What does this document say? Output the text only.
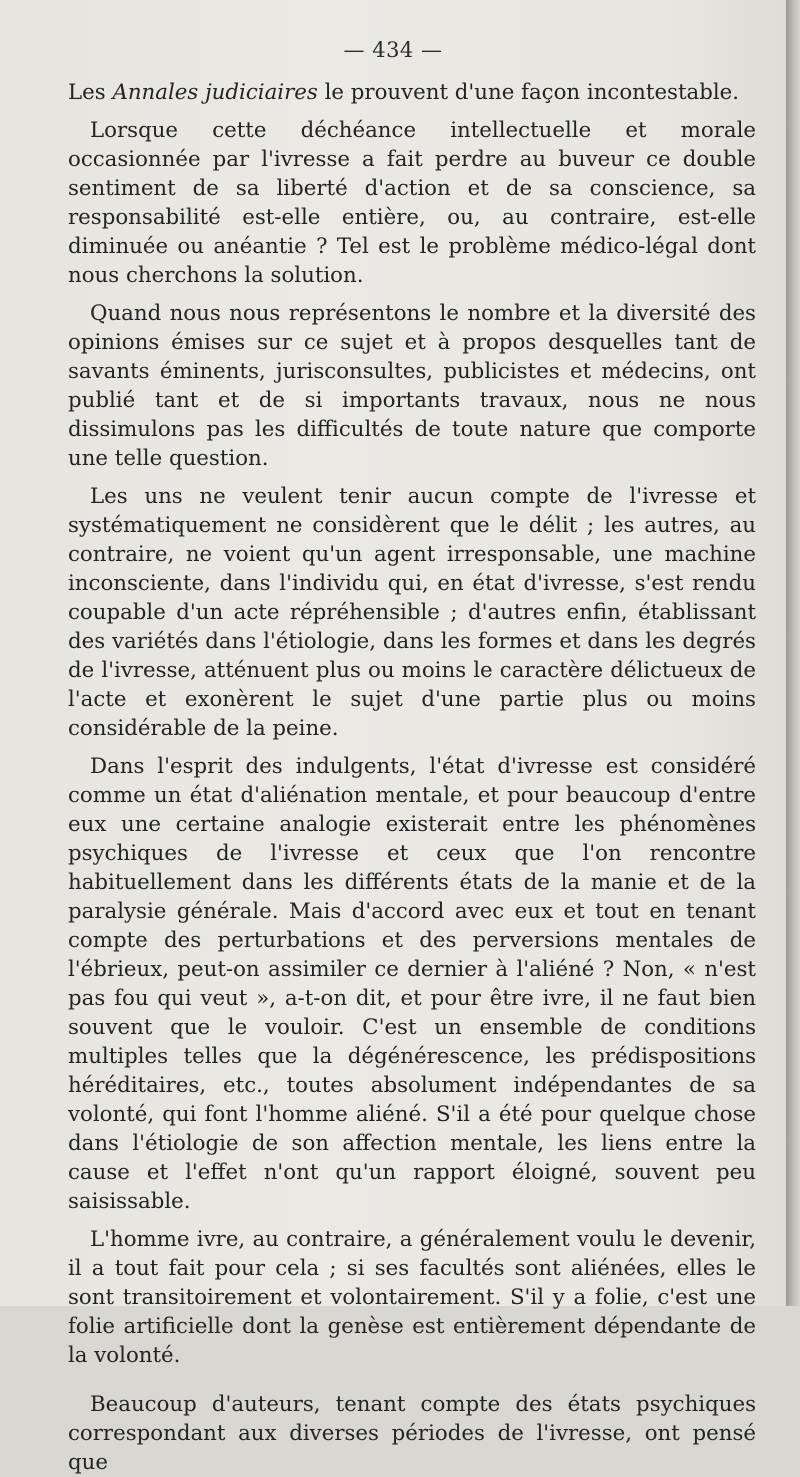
— 434 —

Les Annales judiciaires le prouvent d'une façon incontestable.

Lorsque cette déchéance intellectuelle et morale occasionnée par l'ivresse a fait perdre au buveur ce double sentiment de sa liberté d'action et de sa conscience, sa responsabilité est-elle entière, ou, au contraire, est-elle diminuée ou anéantie ? Tel est le problème médico-légal dont nous cherchons la solution.

Quand nous nous représentons le nombre et la diversité des opinions émises sur ce sujet et à propos desquelles tant de savants éminents, jurisconsultes, publicistes et médecins, ont publié tant et de si importants travaux, nous ne nous dissimulons pas les difficultés de toute nature que comporte une telle question.

Les uns ne veulent tenir aucun compte de l'ivresse et systématiquement ne considèrent que le délit ; les autres, au contraire, ne voient qu'un agent irresponsable, une machine inconsciente, dans l'individu qui, en état d'ivresse, s'est rendu coupable d'un acte répréhensible ; d'autres enfin, établissant des variétés dans l'étiologie, dans les formes et dans les degrés de l'ivresse, atténuent plus ou moins le caractère délictueux de l'acte et exonèrent le sujet d'une partie plus ou moins considérable de la peine.

Dans l'esprit des indulgents, l'état d'ivresse est considéré comme un état d'aliénation mentale, et pour beaucoup d'entre eux une certaine analogie existerait entre les phénomènes psychiques de l'ivresse et ceux que l'on rencontre habituellement dans les différents états de la manie et de la paralysie générale. Mais d'accord avec eux et tout en tenant compte des perturbations et des perversions mentales de l'ébrieux, peut-on assimiler ce dernier à l'aliéné ? Non, « n'est pas fou qui veut », a-t-on dit, et pour être ivre, il ne faut bien souvent que le vouloir. C'est un ensemble de conditions multiples telles que la dégénérescence, les prédispositions héréditaires, etc., toutes absolument indépendantes de sa volonté, qui font l'homme aliéné. S'il a été pour quelque chose dans l'étiologie de son affection mentale, les liens entre la cause et l'effet n'ont qu'un rapport éloigné, souvent peu saisissable.

L'homme ivre, au contraire, a généralement voulu le devenir, il a tout fait pour cela ; si ses facultés sont aliénées, elles le sont transitoirement et volontairement. S'il y a folie, c'est une folie artificielle dont la genèse est entièrement dépendante de la volonté.

Beaucoup d'auteurs, tenant compte des états psychiques correspondant aux diverses périodes de l'ivresse, ont pensé que
